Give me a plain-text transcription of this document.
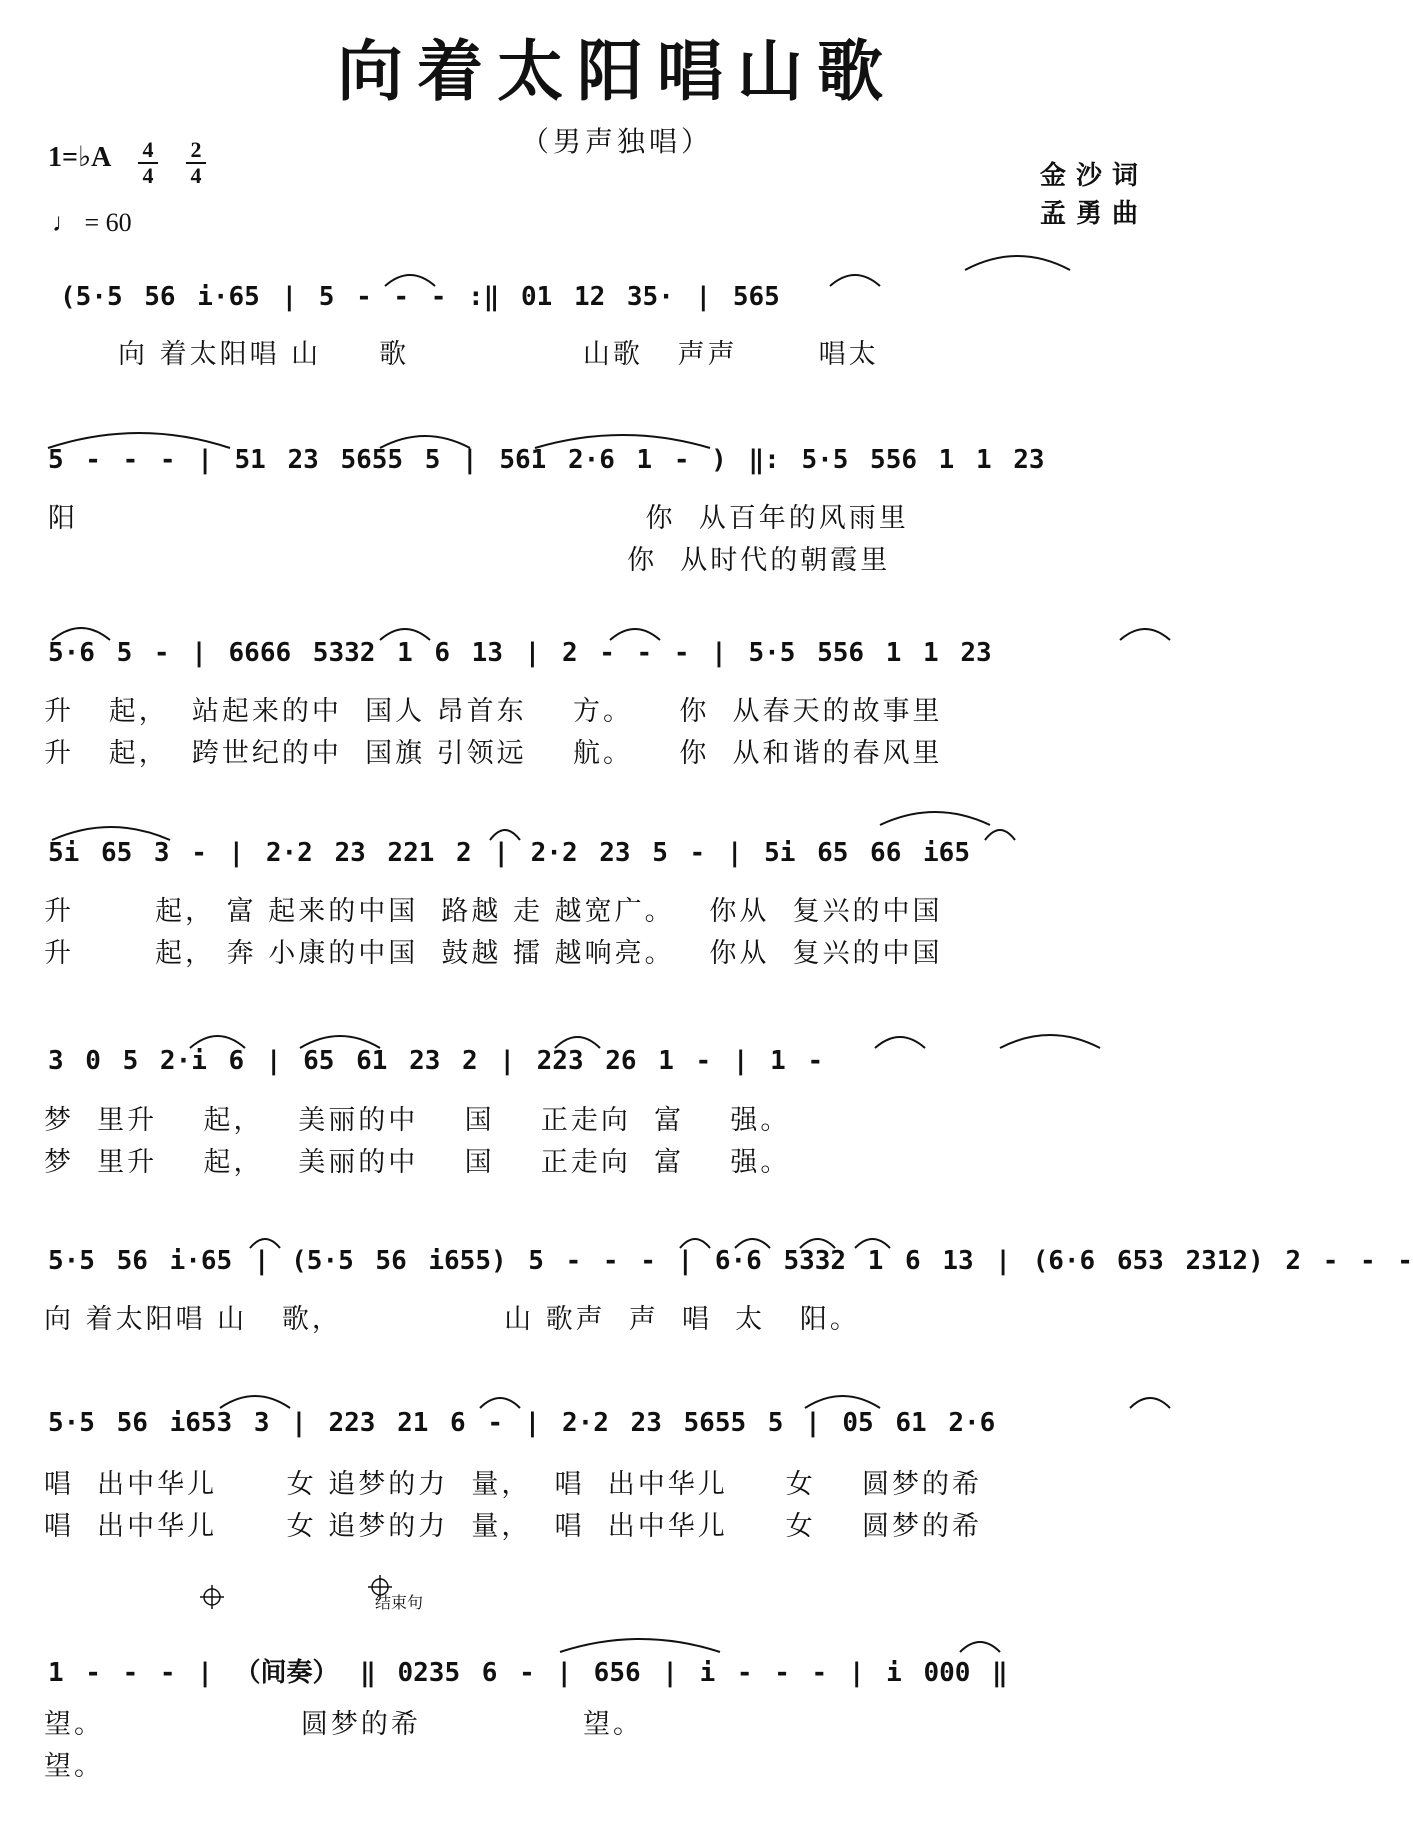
向着太阳唱山歌
（男声独唱）
1=♭A 4
4
2
4
♩ = 60
金沙词
孟勇曲
(5·5 56 i·65 | 5 - - - :‖ 01 12 35· | 565
向 着太阳唱 山     歌               山歌   声声       唱太
5 - - - | 51 23 5655 5 | 561 2·6 1 - ) ‖: 5·5 556 1 1 23
阳                                                 你  从百年的风雨里
你  从时代的朝霞里
5·6 5 - | 6666 5332 1 6 13 | 2 - - - | 5·5 556 1 1 23
升   起，  站起来的中  国人 昂首东    方。    你  从春天的故事里
升   起，  跨世纪的中  国旗 引领远    航。    你  从和谐的春风里
5i 65 3 - | 2·2 23 221 2 | 2·2 23 5 - | 5i 65 66 i65
升       起， 富 起来的中国  路越 走 越宽广。   你从  复兴的中国
升       起， 奔 小康的中国  鼓越 擂 越响亮。   你从  复兴的中国
3 0 5 2·i 6 | 65 61 23 2 | 223 26 1 - | 1 -
梦  里升    起，   美丽的中    国    正走向  富    强。
梦  里升    起，   美丽的中    国    正走向  富    强。
5·5 56 i·65 | (5·5 56 i655) 5 - - - | 6·6 5332 1 6 13 | (6·6 653 2312) 2 - - -
向 着太阳唱 山   歌，              山 歌声  声  唱  太   阳。
5·5 56 i653 3 | 223 21 6 - | 2·2 23 5655 5 | 05 61 2·6
唱  出中华儿      女 追梦的力  量，  唱  出中华儿     女    圆梦的希
唱  出中华儿      女 追梦的力  量，  唱  出中华儿     女    圆梦的希
结束句
1 - - - | （间奏） ‖ 0235 6 - | 656 | i - - - | i 000 ‖
望。                 圆梦的希              望。
望。
